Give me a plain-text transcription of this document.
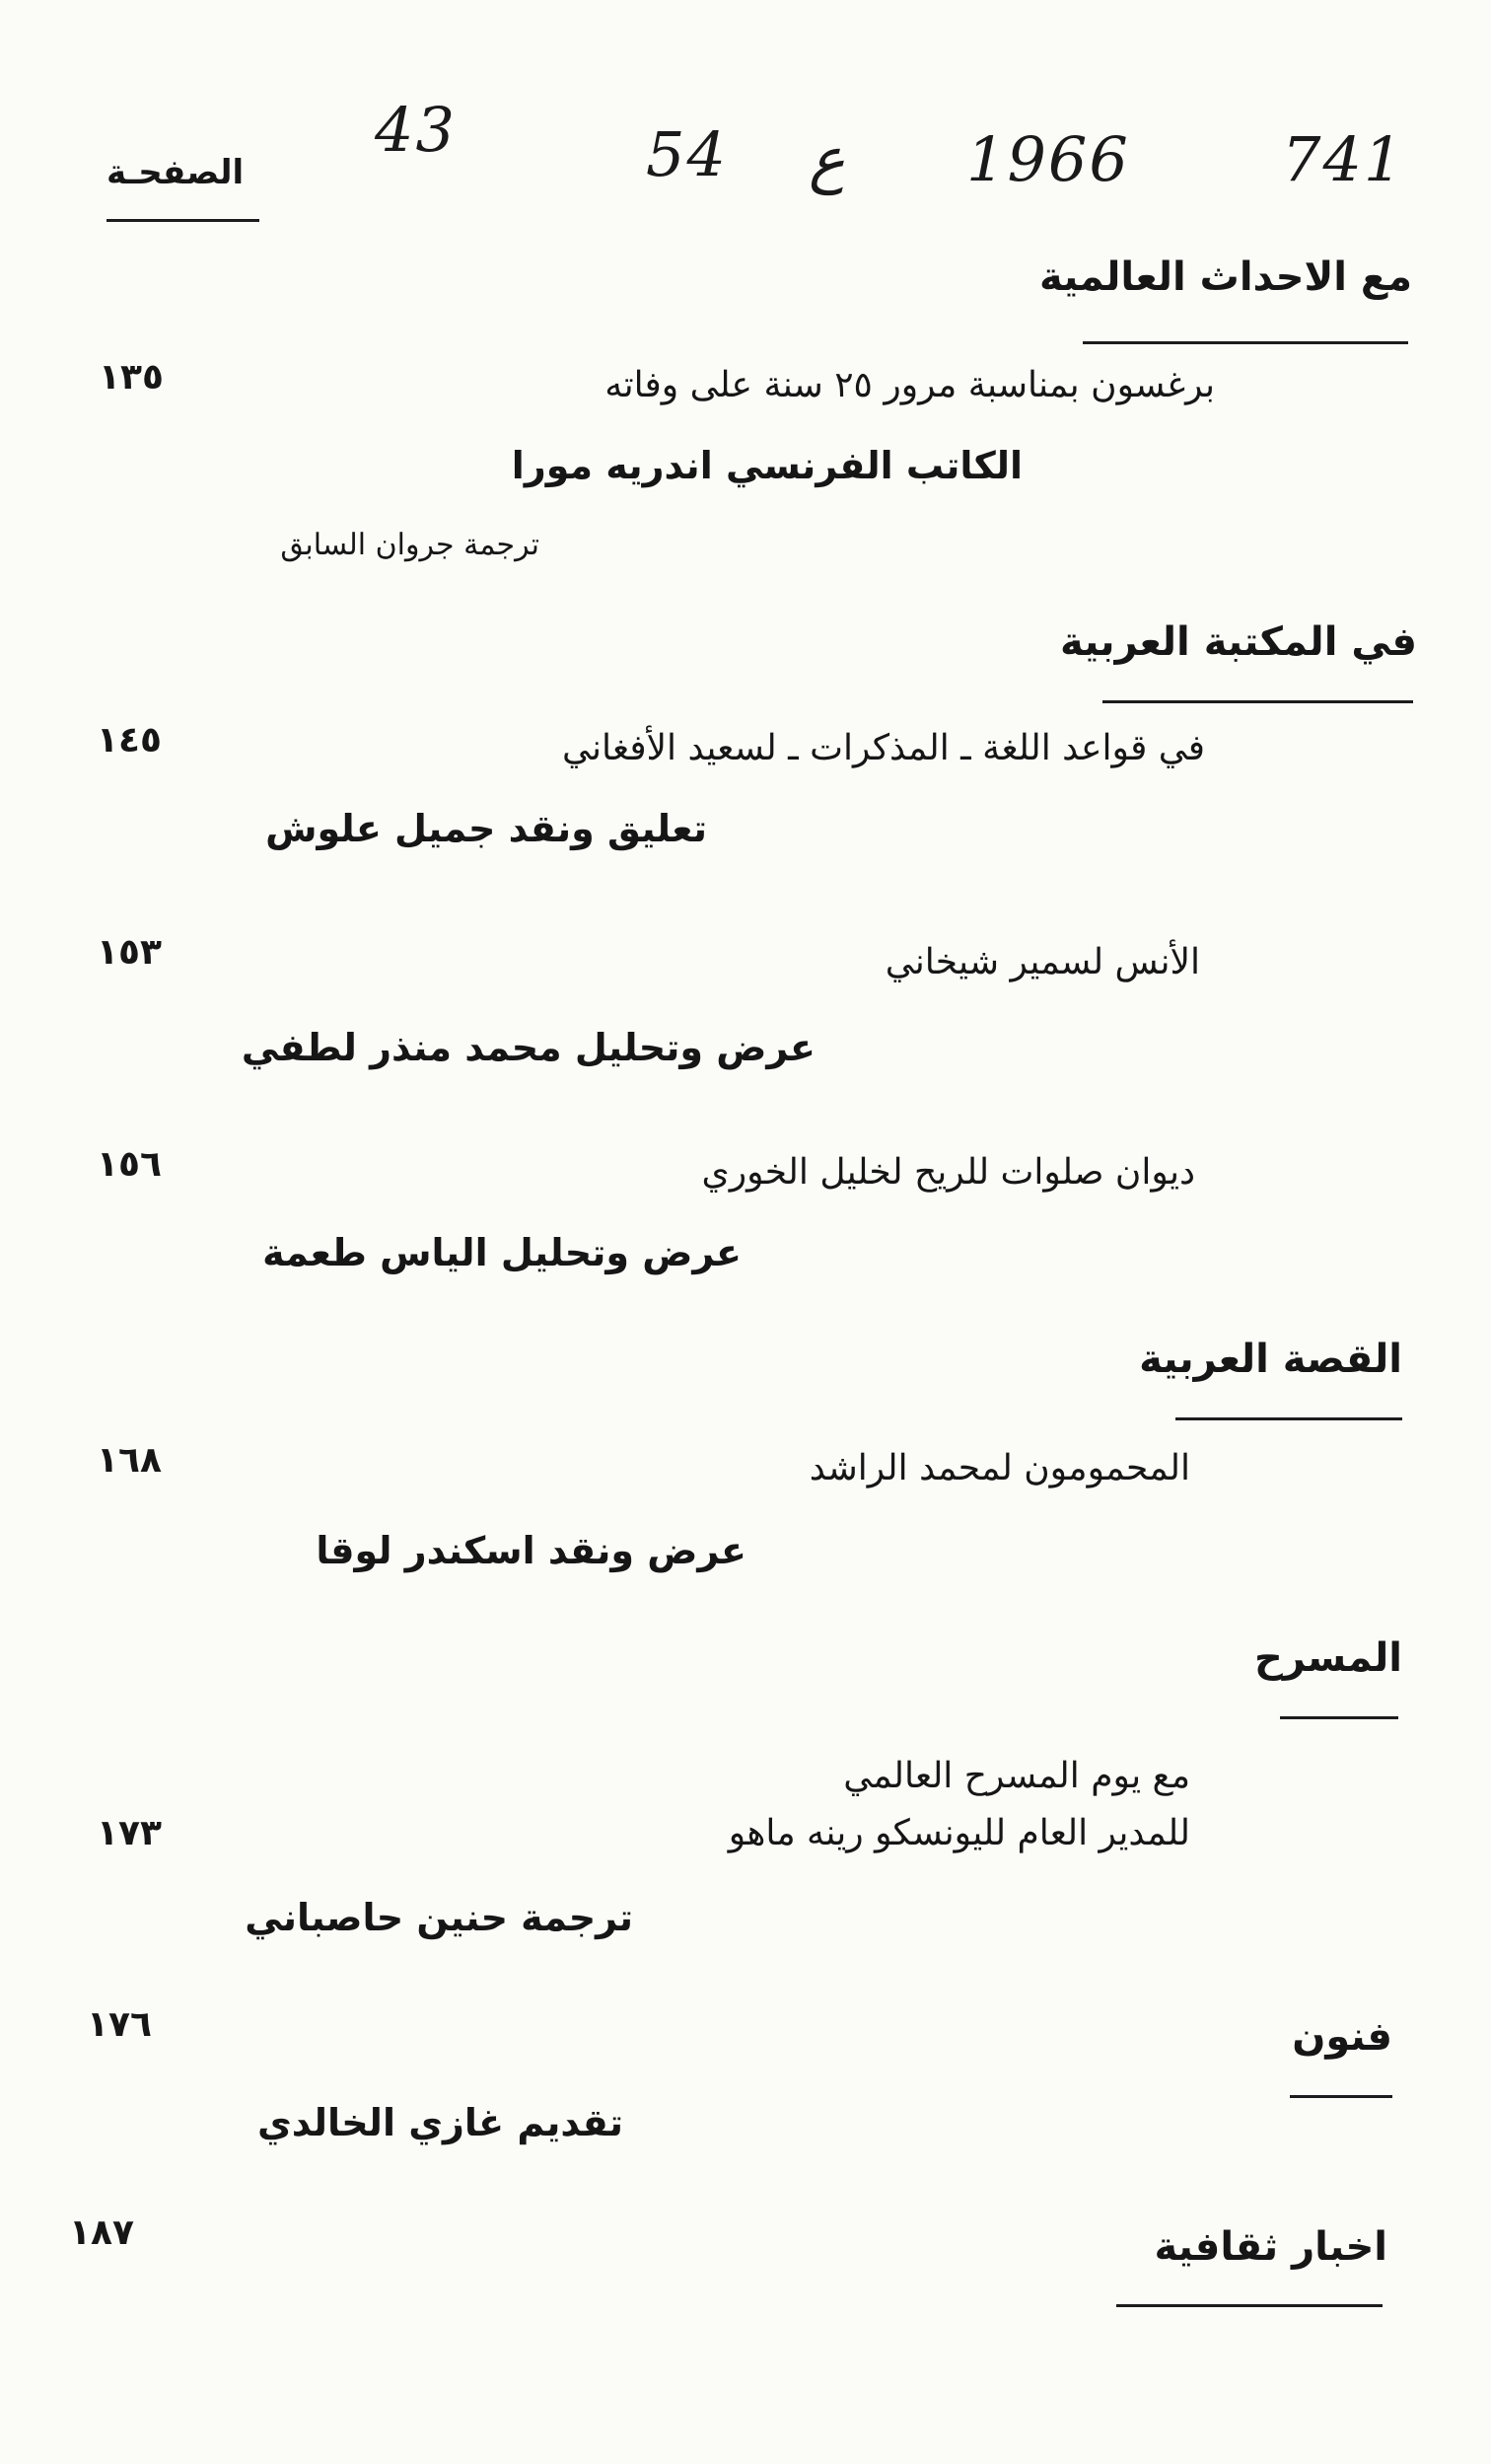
43	54 ع 1966 741
الصفحـة
مع الاحداث العالمية
١٣٥	برغسون بمناسبة مرور ٢٥ سنة على وفاته
الكاتب الفرنسي اندريه مورا
ترجمة جروان السابق
في المكتبة العربية
١٤٥	في قواعد اللغة ـ المذكرات ـ لسعيد الأفغاني
تعليق ونقد جميل علوش
١٥٣	الأنس لسمير شيخاني
عرض وتحليل محمد منذر لطفي
١٥٦	ديوان صلوات للريح لخليل الخوري
عرض وتحليل الياس طعمة
القصة العربية
١٦٨	المحمومون لمحمد الراشد
عرض ونقد اسكندر لوقا
المسرح
مع يوم المسرح العالمي
١٧٣	للمدير العام لليونسكو رينه ماهو
ترجمة حنين حاصباني
١٧٦	فنون
تقديم غازي الخالدي
١٨٧	اخبار ثقافية
